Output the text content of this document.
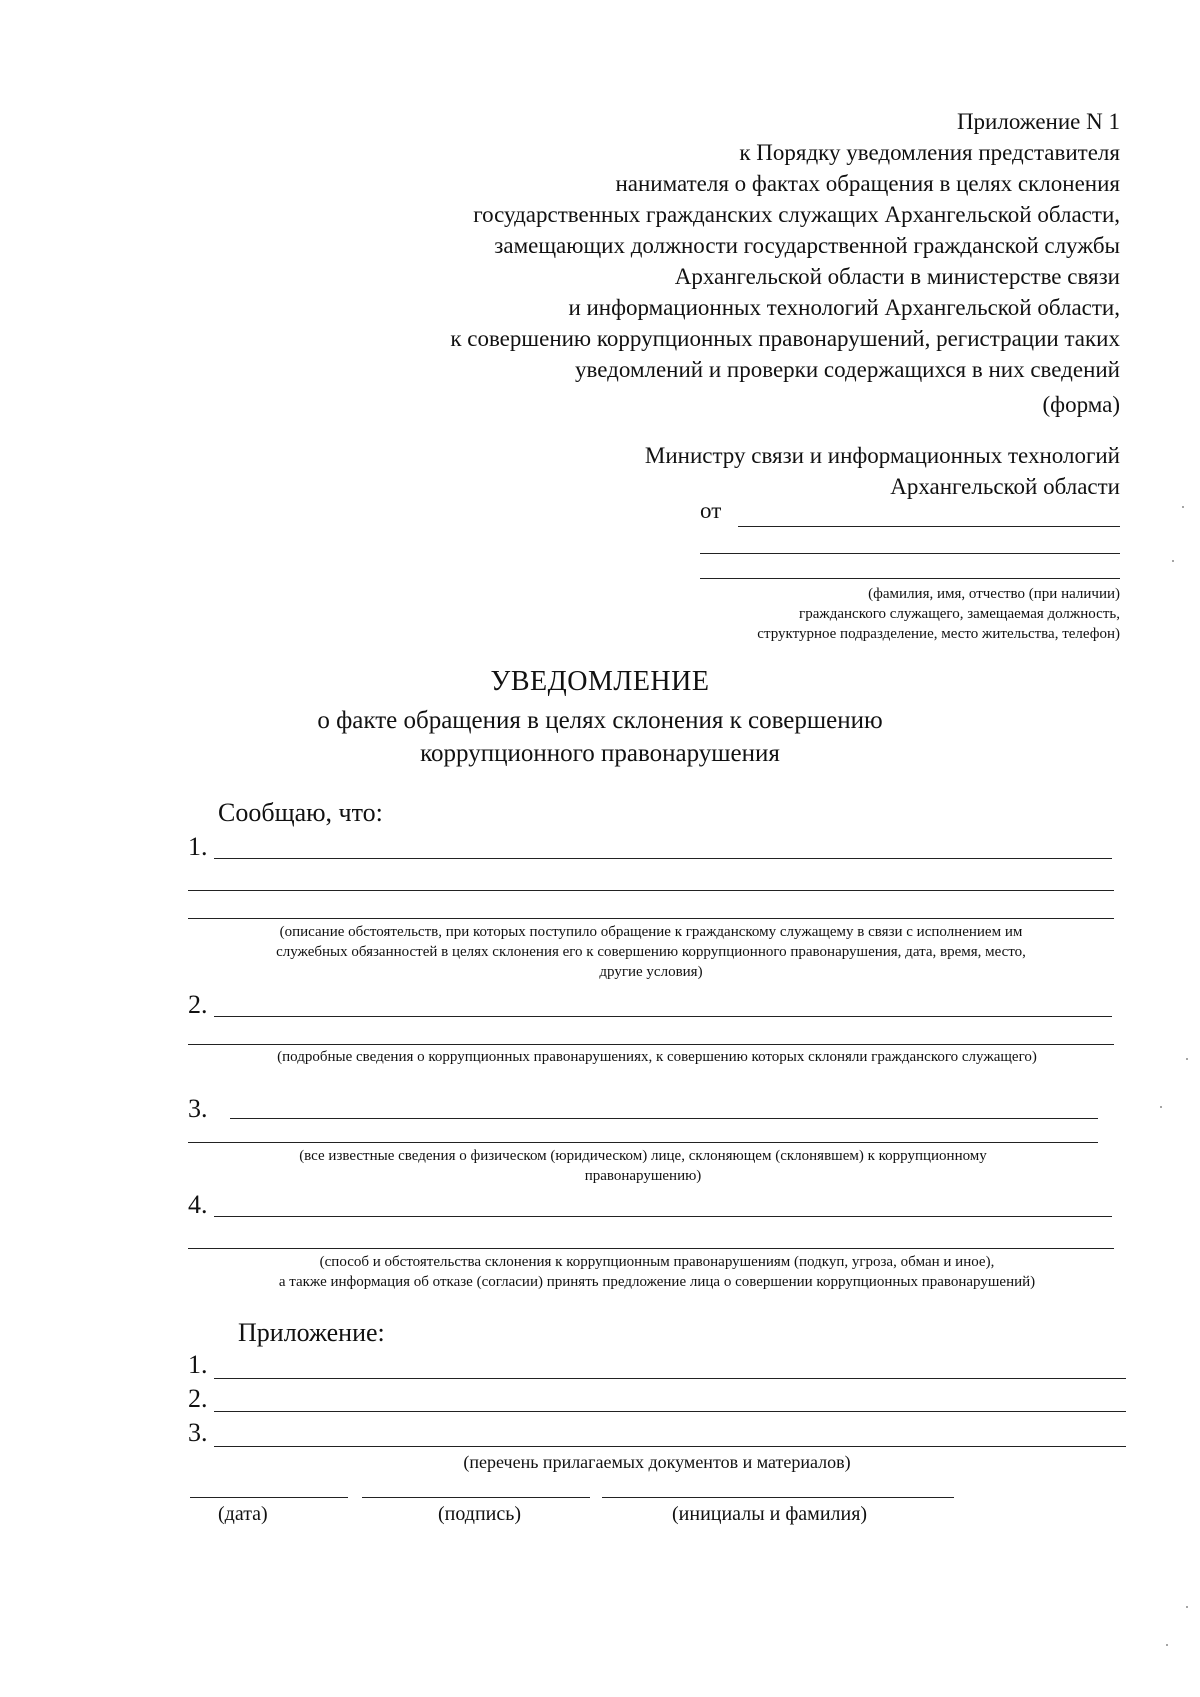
Приложение N 1
к Порядку уведомления представителя
нанимателя о фактах обращения в целях склонения
государственных гражданских служащих Архангельской области,
замещающих должности государственной гражданской службы
Архангельской области в министерстве связи
и информационных технологий Архангельской области,
к совершению коррупционных правонарушений, регистрации таких
уведомлений и проверки содержащихся в них сведений
(форма)
Министру связи и информационных технологий
Архангельской области
от
(фамилия, имя, отчество (при наличии)
гражданского служащего, замещаемая должность,
структурное подразделение, место жительства, телефон)
УВЕДОМЛЕНИЕ
о факте обращения в целях склонения к совершению
коррупционного правонарушения
Сообщаю, что:
1.
(описание обстоятельств, при которых поступило обращение к гражданскому служащему в связи с исполнением им
служебных обязанностей в целях склонения его к совершению коррупционного правонарушения, дата, время, место,
другие условия)
2.
(подробные сведения о коррупционных правонарушениях, к совершению которых склоняли гражданского служащего)
3.
(все известные сведения о физическом (юридическом) лице, склоняющем (склонявшем) к коррупционному
правонарушению)
4.
(способ и обстоятельства склонения к коррупционным правонарушениям (подкуп, угроза, обман и иное),
а также информация об отказе (согласии) принять предложение лица о совершении коррупционных правонарушений)
Приложение:
1.
2.
3.
(перечень прилагаемых документов и материалов)
(дата)	(подпись)	(инициалы и фамилия)
